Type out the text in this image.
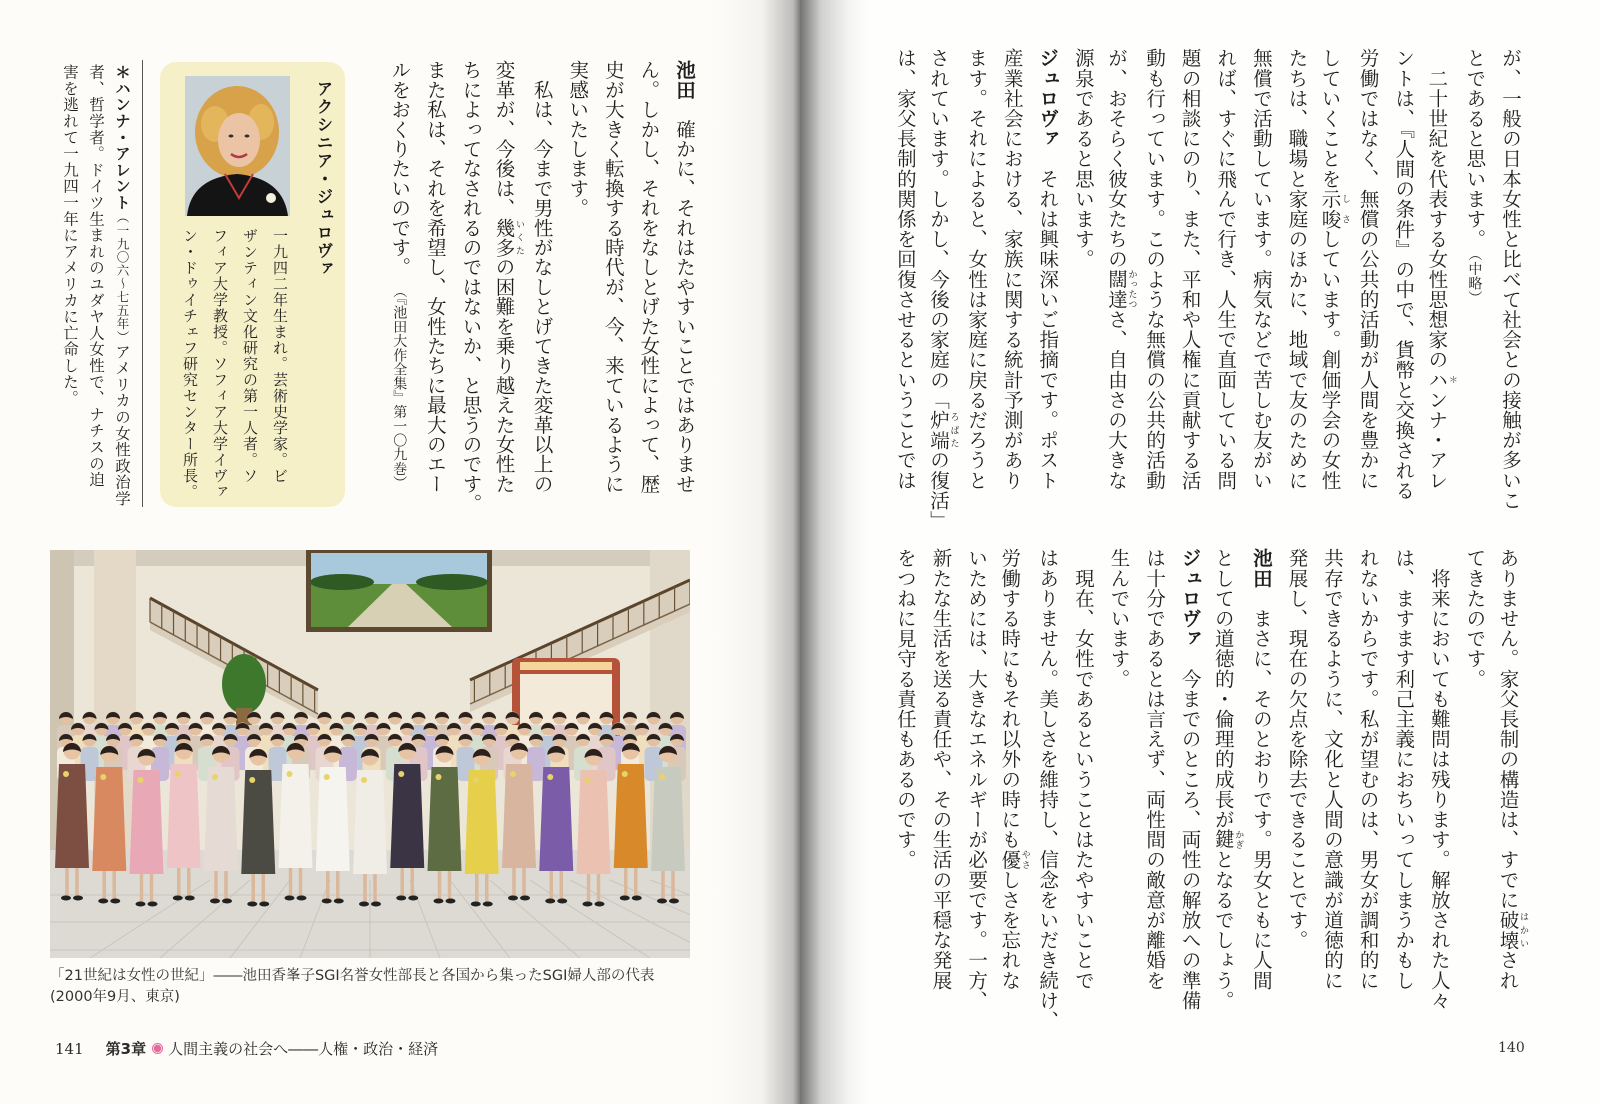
が、一般の日本女性と比べて社会との接触が多いこ
とであると思います。（中略）
　二十世紀を代表する女性思想家のハ＊ンナ・アレ
ントは、『人間の条件』の中で、貨幣と交換される
労働ではなく、無償の公共的活動が人間を豊かに
していくことを示唆しさしています。創価学会の女性
たちは、職場と家庭のほかに、地域で友のために
無償で活動しています。病気などで苦しむ友がい
れば、すぐに飛んで行き、人生で直面している問
題の相談にのり、また、平和や人権に貢献する活
動も行っています。このような無償の公共的活動
が、おそらく彼女たちの闊達かったつさ、自由さの大きな
源泉であると思います。
ジュロヴァ　それは興味深いご指摘です。ポスト
産業社会における、家族に関する統計予測があり
ます。それによると、女性は家庭に戻るだろうと
されています。しかし、今後の家庭の「炉端ろばたの復活」
は、家父長制的関係を回復させるということでは
ありません。家父長制の構造は、すでに破壊はかいされ
てきたのです。
　将来においても難問は残ります。解放された人々
は、ますます利己主義におちいってしまうかもし
れないからです。私が望むのは、男女が調和的に
共存できるように、文化と人間の意識が道徳的に
発展し、現在の欠点を除去できることです。
池田　まさに、そのとおりです。男女ともに人間
としての道徳的・倫理的成長が鍵かぎとなるでしょう。
ジュロヴァ　今までのところ、両性の解放への準備
は十分であるとは言えず、両性間の敵意が離婚を
生んでいます。
　現在、女性であるということはたやすいことで
はありません。美しさを維持し、信念をいだき続け、
労働する時にもそれ以外の時にも優やさしさを忘れな
いためには、大きなエネルギーが必要です。一方、
新たな生活を送る責任や、その生活の平穏な発展
をつねに見守る責任もあるのです。
140
池田　確かに、それはたやすいことではありませ
ん。しかし、それをなしとげた女性によって、歴
史が大きく転換する時代が、今、来ているように
実感いたします。
　私は、今まで男性がなしとげてきた変革以上の
変革が、今後は、幾多いくたの困難を乗り越えた女性た
ちによってなされるのではないか、と思うのです。
また私は、それを希望し、女性たちに最大のエー
ルをおくりたいのです。（『池田大作全集』第一〇九巻）
アクシニア・ジュロヴァ
一九四二年生まれ。芸術史学家。ビ
ザンティン文化研究の第一人者。ソ
フィア大学教授。ソフィア大学イヴァ
ン・ドゥイチェフ研究センター所長。
＊ハンナ・アレント（一九〇六〜七五年）アメリカの女性政治学
者、哲学者。ドイツ生まれのユダヤ人女性で、ナチスの迫
害を逃れて一九四一年にアメリカに亡命した。
「21世紀は女性の世紀」――池田香峯子SGI名誉女性部長と各国から集ったSGI婦人部の代表
(2000年9月、東京)
141 第3章 人間主義の社会へ――人権・政治・経済
